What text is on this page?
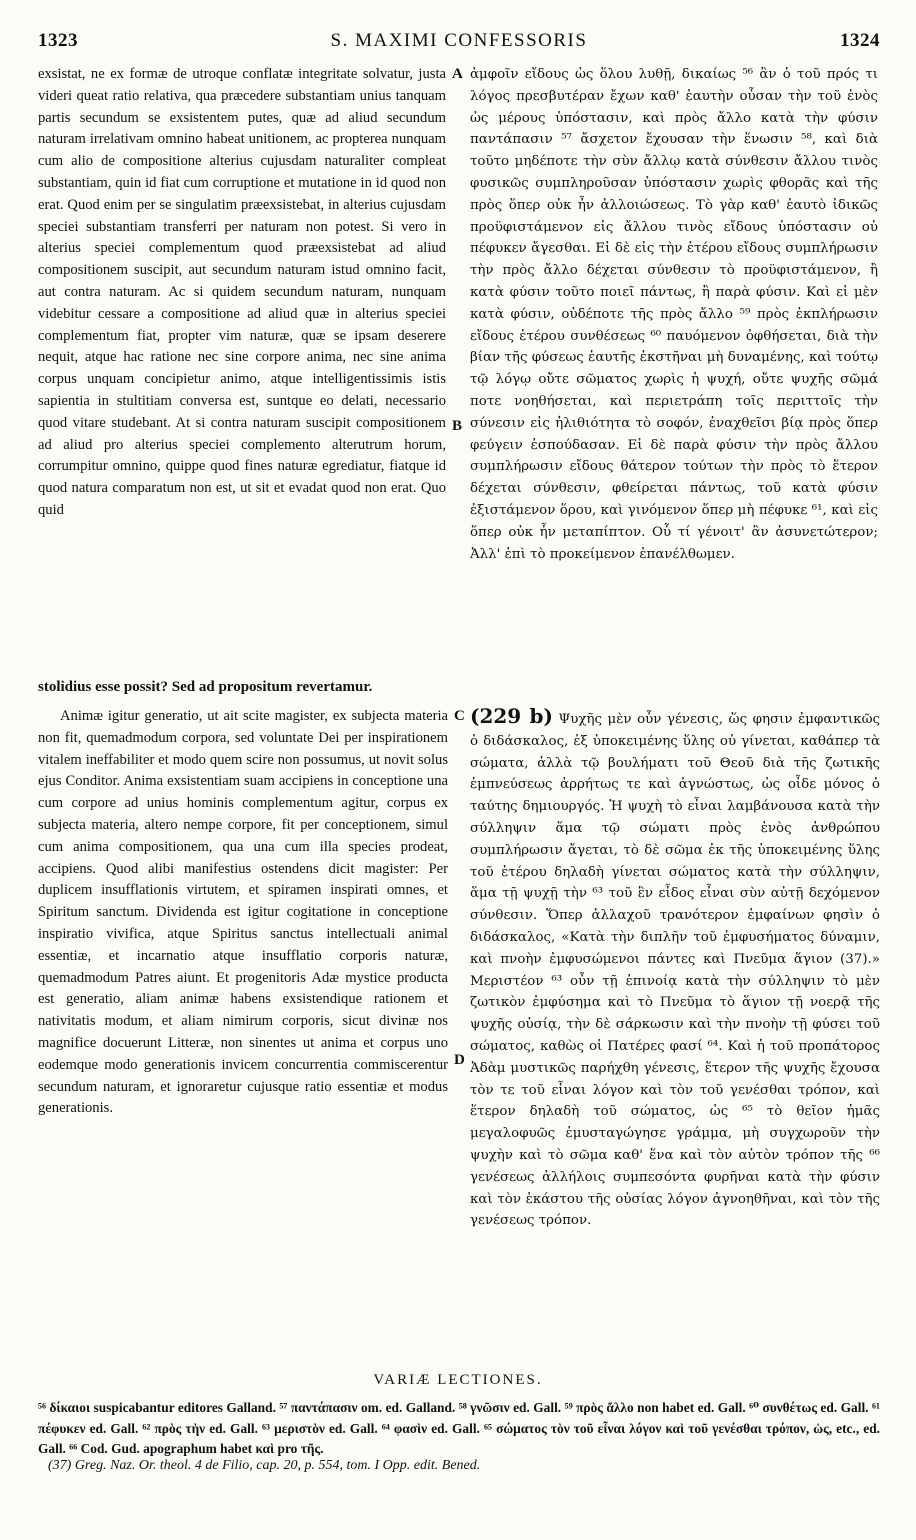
1323	S. MAXIMI CONFESSORIS	1324
exsistat, ne ex formæ de utroque conflatæ integritate solvatur, justa videri queat ratio relativa, qua præcedere substantiam unius tanquam partis secundum se exsistentem putes, quæ ad aliud secundum naturam irrelativam omnino habeat unitionem, ac propterea nunquam cum alio de compositione alterius cujusdam naturaliter compleat substantiam, quin id fiat cum corruptione et mutatione in id quod non erat. Quod enim per se singulatim præexsistebat, in alterius cujusdam speciei substantiam transferri per naturam non potest. Si vero in alterius speciei complementum quod præexsistebat ad aliud compositionem suscipit, aut secundum naturam istud omnino facit, aut contra naturam. Ac si quidem secundum naturam, nunquam videbitur cessare a compositione ad aliud quæ in alterius speciei complementum fiat, propter vim naturæ, quæ se ipsam deserere nequit, atque hac ratione nec sine corpore anima, nec sine anima corpus unquam concipietur animo, atque intelligentissimis istis sapientia in stultitiam conversa est, suntque eo delati, necessario quod vitare studebant. At si contra naturam suscipit compositionem ad aliud pro alterius speciei complemento alterutrum horum, corrumpitur omnino, quippe quod fines naturæ egrediatur, fiatque id quod natura comparatum non est, ut sit et evadat quod non erat. Quo quid
ἀμφοῖν εἴδους ὡς ὅλου λυθῇ, δικαίως ⁵⁶ ἂν ὁ τοῦ πρός τι λόγος πρεσβυτέραν ἔχων καθ' ἑαυτὴν οὖσαν τὴν τοῦ ἑνὸς ὡς μέρους ὑπόστασιν, καὶ πρὸς ἄλλο κατὰ τὴν φύσιν παντάπασιν ⁵⁷ ἄσχετον ἔχουσαν τὴν ἕνωσιν ⁵⁸, καὶ διὰ τοῦτο μηδέποτε τὴν σὺν ἄλλῳ κατὰ σύνθεσιν ἄλλου τινὸς φυσικῶς συμπληροῦσαν ὑπόστασιν χωρὶς φθορᾶς καὶ τῆς πρὸς ὅπερ οὐκ ἦν ἀλλοιώσεως. Τὸ γὰρ καθ' ἑαυτὸ ἰδικῶς προϋφιστάμενον εἰς ἄλλου τινὸς εἴδους ὑπόστασιν οὐ πέφυκεν ἄγεσθαι. Εἰ δὲ εἰς τὴν ἑτέρου εἴδους συμπλήρωσιν τὴν πρὸς ἄλλο δέχεται σύνθεσιν τὸ προϋφιστάμενον, ἢ κατὰ φύσιν τοῦτο ποιεῖ πάντως, ἢ παρὰ φύσιν. Καὶ εἰ μὲν κατὰ φύσιν, οὐδέποτε τῆς πρὸς ἄλλο ⁵⁹ πρὸς ἐκπλήρωσιν εἴδους ἑτέρου συνθέσεως ⁶⁰ παυόμενον ὀφθήσεται, διὰ τὴν βίαν τῆς φύσεως ἑαυτῆς ἐκστῆναι μὴ δυναμένης, καὶ τούτῳ τῷ λόγῳ οὔτε σῶματος χωρὶς ἡ ψυχή, οὔτε ψυχῆς σῶμά ποτε νοηθήσεται, καὶ περιετράπη τοῖς περιττοῖς τὴν σύνεσιν εἰς ἠλιθιότητα τὸ σοφόν, ἐναχθεῖσι βίᾳ πρὸς ὅπερ φεύγειν ἐσπούδασαν. Εἰ δὲ παρὰ φύσιν τὴν πρὸς ἄλλου συμπλήρωσιν εἴδους θάτερον τούτων τὴν πρὸς τὸ ἕτερον δέχεται σύνθεσιν, φθείρεται πάντως, τοῦ κατὰ φύσιν ἐξιστάμενον ὅρου, καὶ γινόμενον ὅπερ μὴ πέφυκε ⁶¹, καὶ εἰς ὅπερ οὐκ ἦν μεταπίπτον. Οὗ τί γένοιτ' ἂν ἀσυνετώτερον; Ἀλλ' ἐπὶ τὸ προκείμενον ἐπανέλθωμεν.
A
B
C
D
stolidius esse possit? Sed ad propositum revertamur.
Animæ igitur generatio, ut ait scite magister, ex subjecta materia non fit, quemadmodum corpora, sed voluntate Dei per inspirationem vitalem ineffabiliter et modo quem scire non possumus, ut novit solus ejus Conditor. Anima exsistentiam suam accipiens in conceptione una cum corpore ad unius hominis complementum agitur, corpus ex subjecta materia, altero nempe corpore, fit per conceptionem, simul cum anima compositionem, qua una cum illa species prodeat, accipiens. Quod alibi manifestius ostendens dicit magister: Per duplicem insufflationis virtutem, et spiramen inspirati omnes, et Spiritum sanctum. Dividenda est igitur cogitatione in conceptione inspiratio vivifica, atque Spiritus sanctus intellectuali animal essentiæ, et incarnatio atque insufflatio corporis naturæ, quemadmodum Patres aiunt. Et progenitoris Adæ mystice producta est generatio, aliam animæ habens exsistendique rationem et nativitatis modum, et aliam nimirum corporis, sicut divinæ nos magnifice docuerunt Litteræ, non sinentes ut anima et corpus uno eodemque modo generationis invicem concurrentia commiscerentur secundum naturam, et ignoraretur cujusque ratio essentiæ et modus generationis.
(229 b) Ψυχῆς μὲν οὖν γένεσις, ὥς φησιν ἐμφαντικῶς ὁ διδάσκαλος, ἐξ ὑποκειμένης ὕλης οὐ γίνεται, καθάπερ τὰ σώματα, ἀλλὰ τῷ βουλήματι τοῦ Θεοῦ διὰ τῆς ζωτικῆς ἐμπνεύσεως ἀρρήτως τε καὶ ἀγνώστως, ὡς οἶδε μόνος ὁ ταύτης δημιουργός. Ἡ ψυχὴ τὸ εἶναι λαμβάνουσα κατὰ τὴν σύλληψιν ἅμα τῷ σώματι πρὸς ἑνὸς ἀνθρώπου συμπλήρωσιν ἄγεται, τὸ δὲ σῶμα ἐκ τῆς ὑποκειμένης ὕλης τοῦ ἑτέρου δηλαδὴ γίνεται σώματος κατὰ τὴν σύλληψιν, ἅμα τῇ ψυχῇ τὴν ⁶³ τοῦ ἓν εἶδος εἶναι σὺν αὐτῇ δεχόμενον σύνθεσιν. Ὅπερ ἀλλαχοῦ τρανότερον ἐμφαίνων φησὶν ὁ διδάσκαλος, «Κατὰ τὴν διπλῆν τοῦ ἐμφυσήματος δύναμιν, καὶ πνοὴν ἐμφυσώμενοι πάντες καὶ Πνεῦμα ἅγιον (37).» Μεριστέον ⁶³ οὖν τῇ ἐπινοίᾳ κατὰ τὴν σύλληψιν τὸ μὲν ζωτικὸν ἐμφύσημα καὶ τὸ Πνεῦμα τὸ ἅγιον τῇ νοερᾷ τῆς ψυχῆς οὐσίᾳ, τὴν δὲ σάρκωσιν καὶ τὴν πνοὴν τῇ φύσει τοῦ σώματος, καθὼς οἱ Πατέρες φασί ⁶⁴. Καὶ ἡ τοῦ προπάτορος Ἀδὰμ μυστικῶς παρήχθη γένεσις, ἕτερον τῆς ψυχῆς ἔχουσα τὸν τε τοῦ εἶναι λόγον καὶ τὸν τοῦ γενέσθαι τρόπον, καὶ ἕτερον δηλαδὴ τοῦ σώματος, ὡς ⁶⁵ τὸ θεῖον ἡμᾶς μεγαλοφυῶς ἐμυσταγώγησε γράμμα, μὴ συγχωροῦν τὴν ψυχὴν καὶ τὸ σῶμα καθ' ἕνα καὶ τὸν αὐτὸν τρόπον τῆς ⁶⁶ γενέσεως ἀλλήλοις συμπεσόντα φυρῆναι κατὰ τὴν φύσιν καὶ τὸν ἑκάστου τῆς οὐσίας λόγον ἀγνοηθῆναι, καὶ τὸν τῆς γενέσεως τρόπον.
VARIÆ LECTIONES.
⁵⁶ δίκαιοι suspicabantur editores Galland. ⁵⁷ παντάπασιν om. ed. Galland. ⁵⁸ γνῶσιν ed. Gall. ⁵⁹ πρὸς ἄλλο non habet ed. Gall. ⁶⁰ συνθέτως ed. Gall. ⁶¹ πέφυκεν ed. Gall. ⁶² πρὸς τὴν ed. Gall. ⁶³ μεριστὸν ed. Gall. ⁶⁴ φασὶν ed. Gall. ⁶⁵ σώματος τὸν τοῦ εἶναι λόγον καὶ τοῦ γενέσθαι τρόπον, ὡς, etc., ed. Gall. ⁶⁶ Cod. Gud. apographum habet καὶ pro τῆς.
(37) Greg. Naz. Or. theol. 4 de Filio, cap. 20, p. 554, tom. I Opp. edit. Bened.
